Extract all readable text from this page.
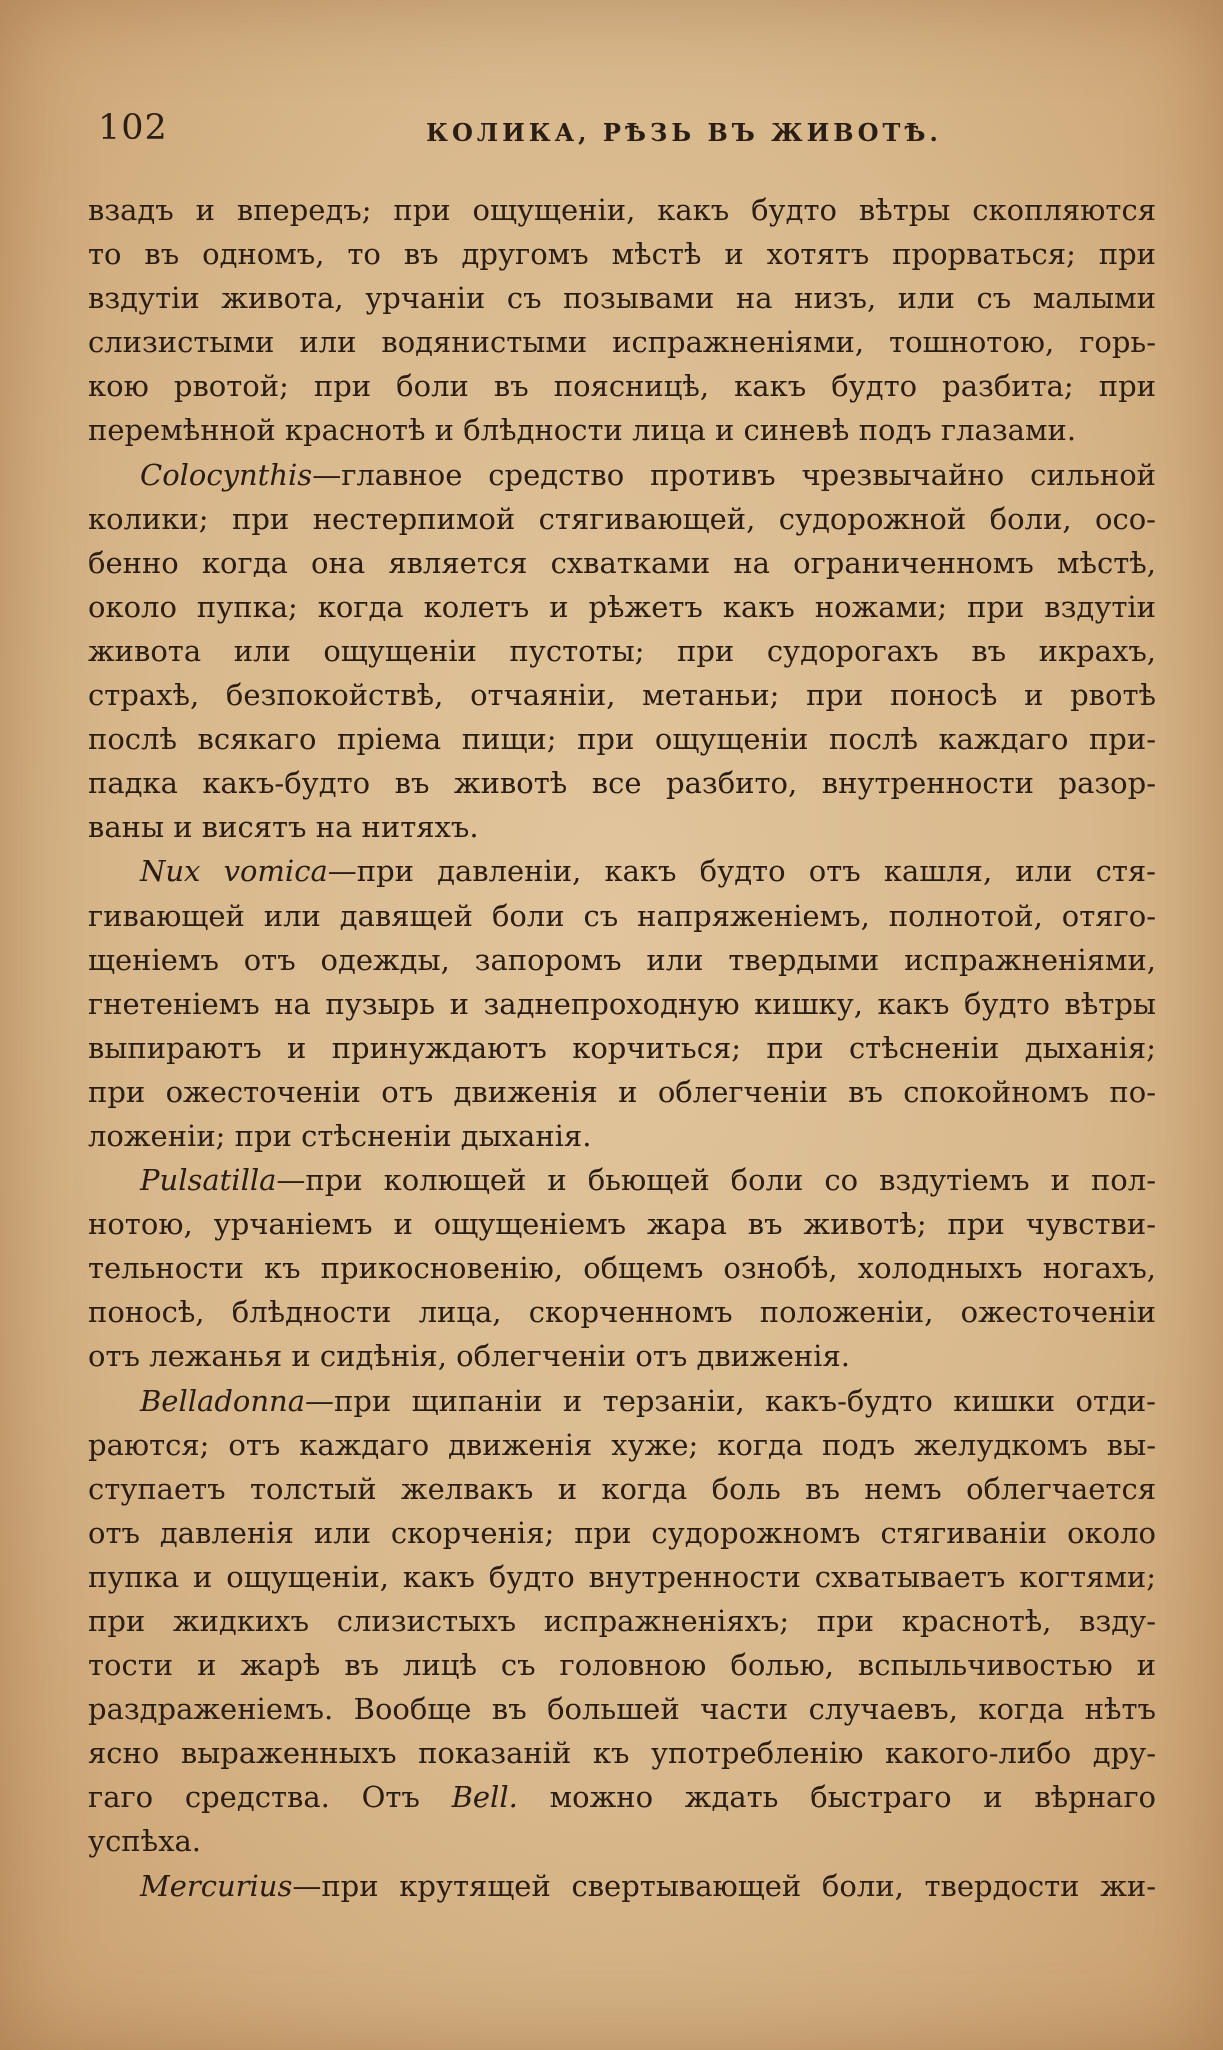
102	КОЛИКА, РѢЗЬ ВЪ ЖИВОТѢ.
взадъ и впередъ; при ощущеніи, какъ будто вѣтры скопляются
то въ одномъ, то въ другомъ мѣстѣ и хотятъ прорваться; при
вздутіи живота, урчаніи съ позывами на низъ, или съ малыми
слизистыми или водянистыми испражненіями, тошнотою, горь-
кою рвотой; при боли въ поясницѣ, какъ будто разбита; при
перемѣнной краснотѣ и блѣдности лица и синевѣ подъ глазами.
Colocynthis—главное средство противъ чрезвычайно сильной
колики; при нестерпимой стягивающей, судорожной боли, осо-
бенно когда она является схватками на ограниченномъ мѣстѣ,
около пупка; когда колетъ и рѣжетъ какъ ножами; при вздутіи
живота или ощущеніи пустоты; при судорогахъ въ икрахъ,
страхѣ, безпокойствѣ, отчаяніи, метаньи; при поносѣ и рвотѣ
послѣ всякаго пріема пищи; при ощущеніи послѣ каждаго при-
падка какъ-будто въ животѣ все разбито, внутренности разор-
ваны и висятъ на нитяхъ.
Nux vomica—при давленіи, какъ будто отъ кашля, или стя-
гивающей или давящей боли съ напряженіемъ, полнотой, отяго-
щеніемъ отъ одежды, запоромъ или твердыми испражненіями,
гнетеніемъ на пузырь и заднепроходную кишку, какъ будто вѣтры
выпираютъ и принуждаютъ корчиться; при стѣсненіи дыханія;
при ожесточеніи отъ движенія и облегченіи въ спокойномъ по-
ложеніи; при стѣсненіи дыханія.
Pulsatilla—при колющей и бьющей боли со вздутіемъ и пол-
нотою, урчаніемъ и ощущеніемъ жара въ животѣ; при чувстви-
тельности къ прикосновенію, общемъ ознобѣ, холодныхъ ногахъ,
поносѣ, блѣдности лица, скорченномъ положеніи, ожесточеніи
отъ лежанья и сидѣнія, облегченіи отъ движенія.
Belladonna—при щипаніи и терзаніи, какъ-будто кишки отди-
раются; отъ каждаго движенія хуже; когда подъ желудкомъ вы-
ступаетъ толстый желвакъ и когда боль въ немъ облегчается
отъ давленія или скорченія; при судорожномъ стягиваніи около
пупка и ощущеніи, какъ будто внутренности схватываетъ когтями;
при жидкихъ слизистыхъ испражненіяхъ; при краснотѣ, взду-
тости и жарѣ въ лицѣ съ головною болью, вспыльчивостью и
раздраженіемъ. Вообще въ большей части случаевъ, когда нѣтъ
ясно выраженныхъ показаній къ употребленію какого-либо дру-
гаго средства. Отъ Bell. можно ждать быстраго и вѣрнаго
успѣха.
Mercurius—при крутящей свертывающей боли, твердости жи-
